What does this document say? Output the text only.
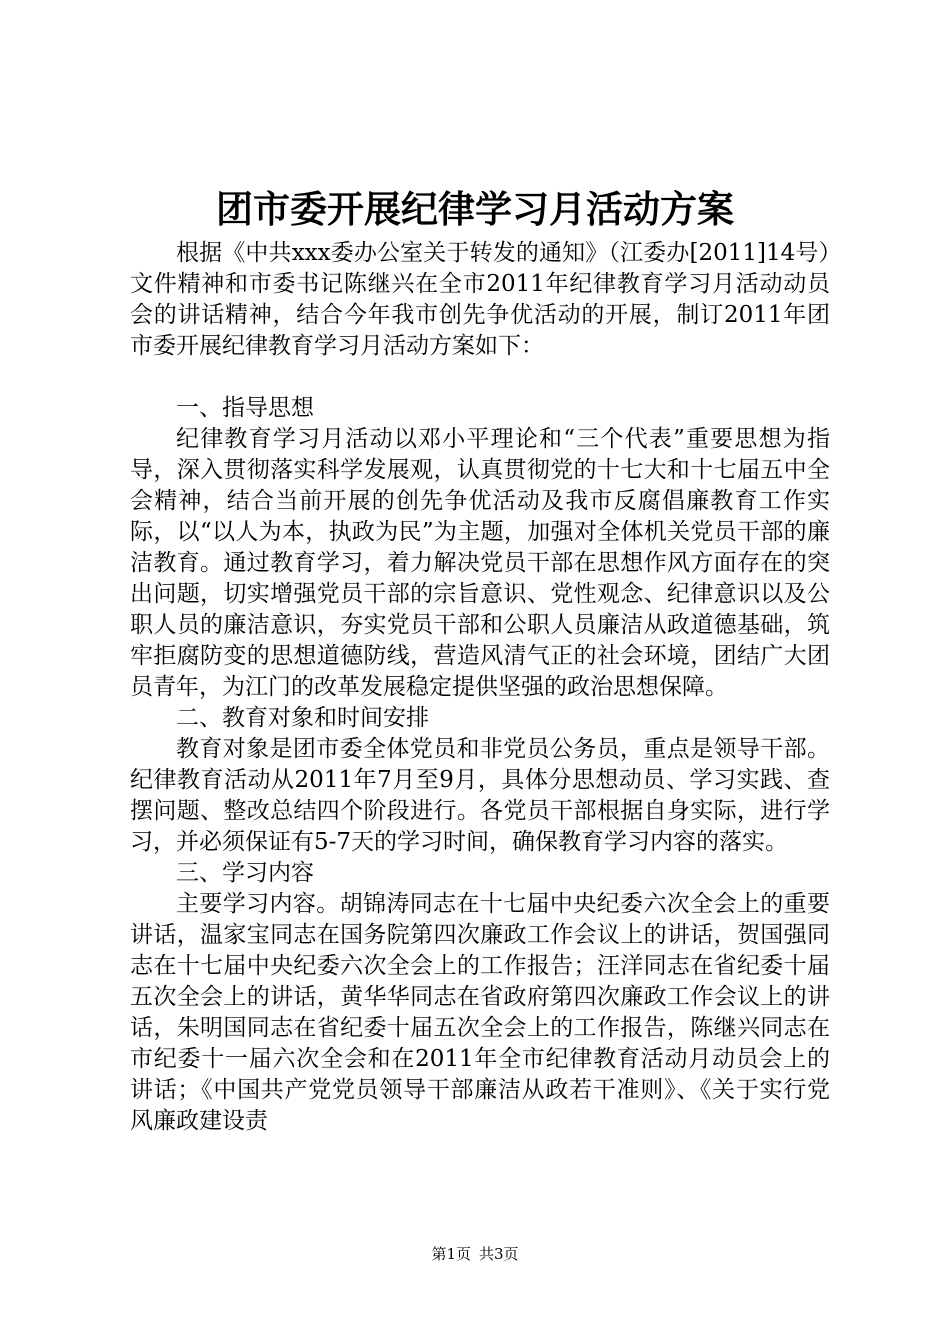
团市委开展纪律学习月活动方案

根据《中共xxx委办公室关于转发的通知》（江委办[2011]14号）文件精神和市委书记陈继兴在全市2011年纪律教育学习月活动动员会的讲话精神，结合今年我市创先争优活动的开展，制订2011年团市委开展纪律教育学习月活动方案如下：

一、指导思想

纪律教育学习月活动以邓小平理论和“三个代表”重要思想为指导，深入贯彻落实科学发展观，认真贯彻党的十七大和十七届五中全会精神，结合当前开展的创先争优活动及我市反腐倡廉教育工作实际，以“以人为本，执政为民”为主题，加强对全体机关党员干部的廉洁教育。通过教育学习，着力解决党员干部在思想作风方面存在的突出问题，切实增强党员干部的宗旨意识、党性观念、纪律意识以及公职人员的廉洁意识，夯实党员干部和公职人员廉洁从政道德基础，筑牢拒腐防变的思想道德防线，营造风清气正的社会环境，团结广大团员青年，为江门的改革发展稳定提供坚强的政治思想保障。

二、教育对象和时间安排

教育对象是团市委全体党员和非党员公务员，重点是领导干部。纪律教育活动从2011年7月至9月，具体分思想动员、学习实践、查摆问题、整改总结四个阶段进行。各党员干部根据自身实际，进行学习，并必须保证有5-7天的学习时间，确保教育学习内容的落实。

三、学习内容

主要学习内容。胡锦涛同志在十七届中央纪委六次全会上的重要讲话，温家宝同志在国务院第四次廉政工作会议上的讲话，贺国强同志在十七届中央纪委六次全会上的工作报告；汪洋同志在省纪委十届五次全会上的讲话，黄华华同志在省政府第四次廉政工作会议上的讲话，朱明国同志在省纪委十届五次全会上的工作报告，陈继兴同志在市纪委十一届六次全会和在2011年全市纪律教育活动月动员会上的讲话；《中国共产党党员领导干部廉洁从政若干准则》、《关于实行党风廉政建设责

第1页 共3页
